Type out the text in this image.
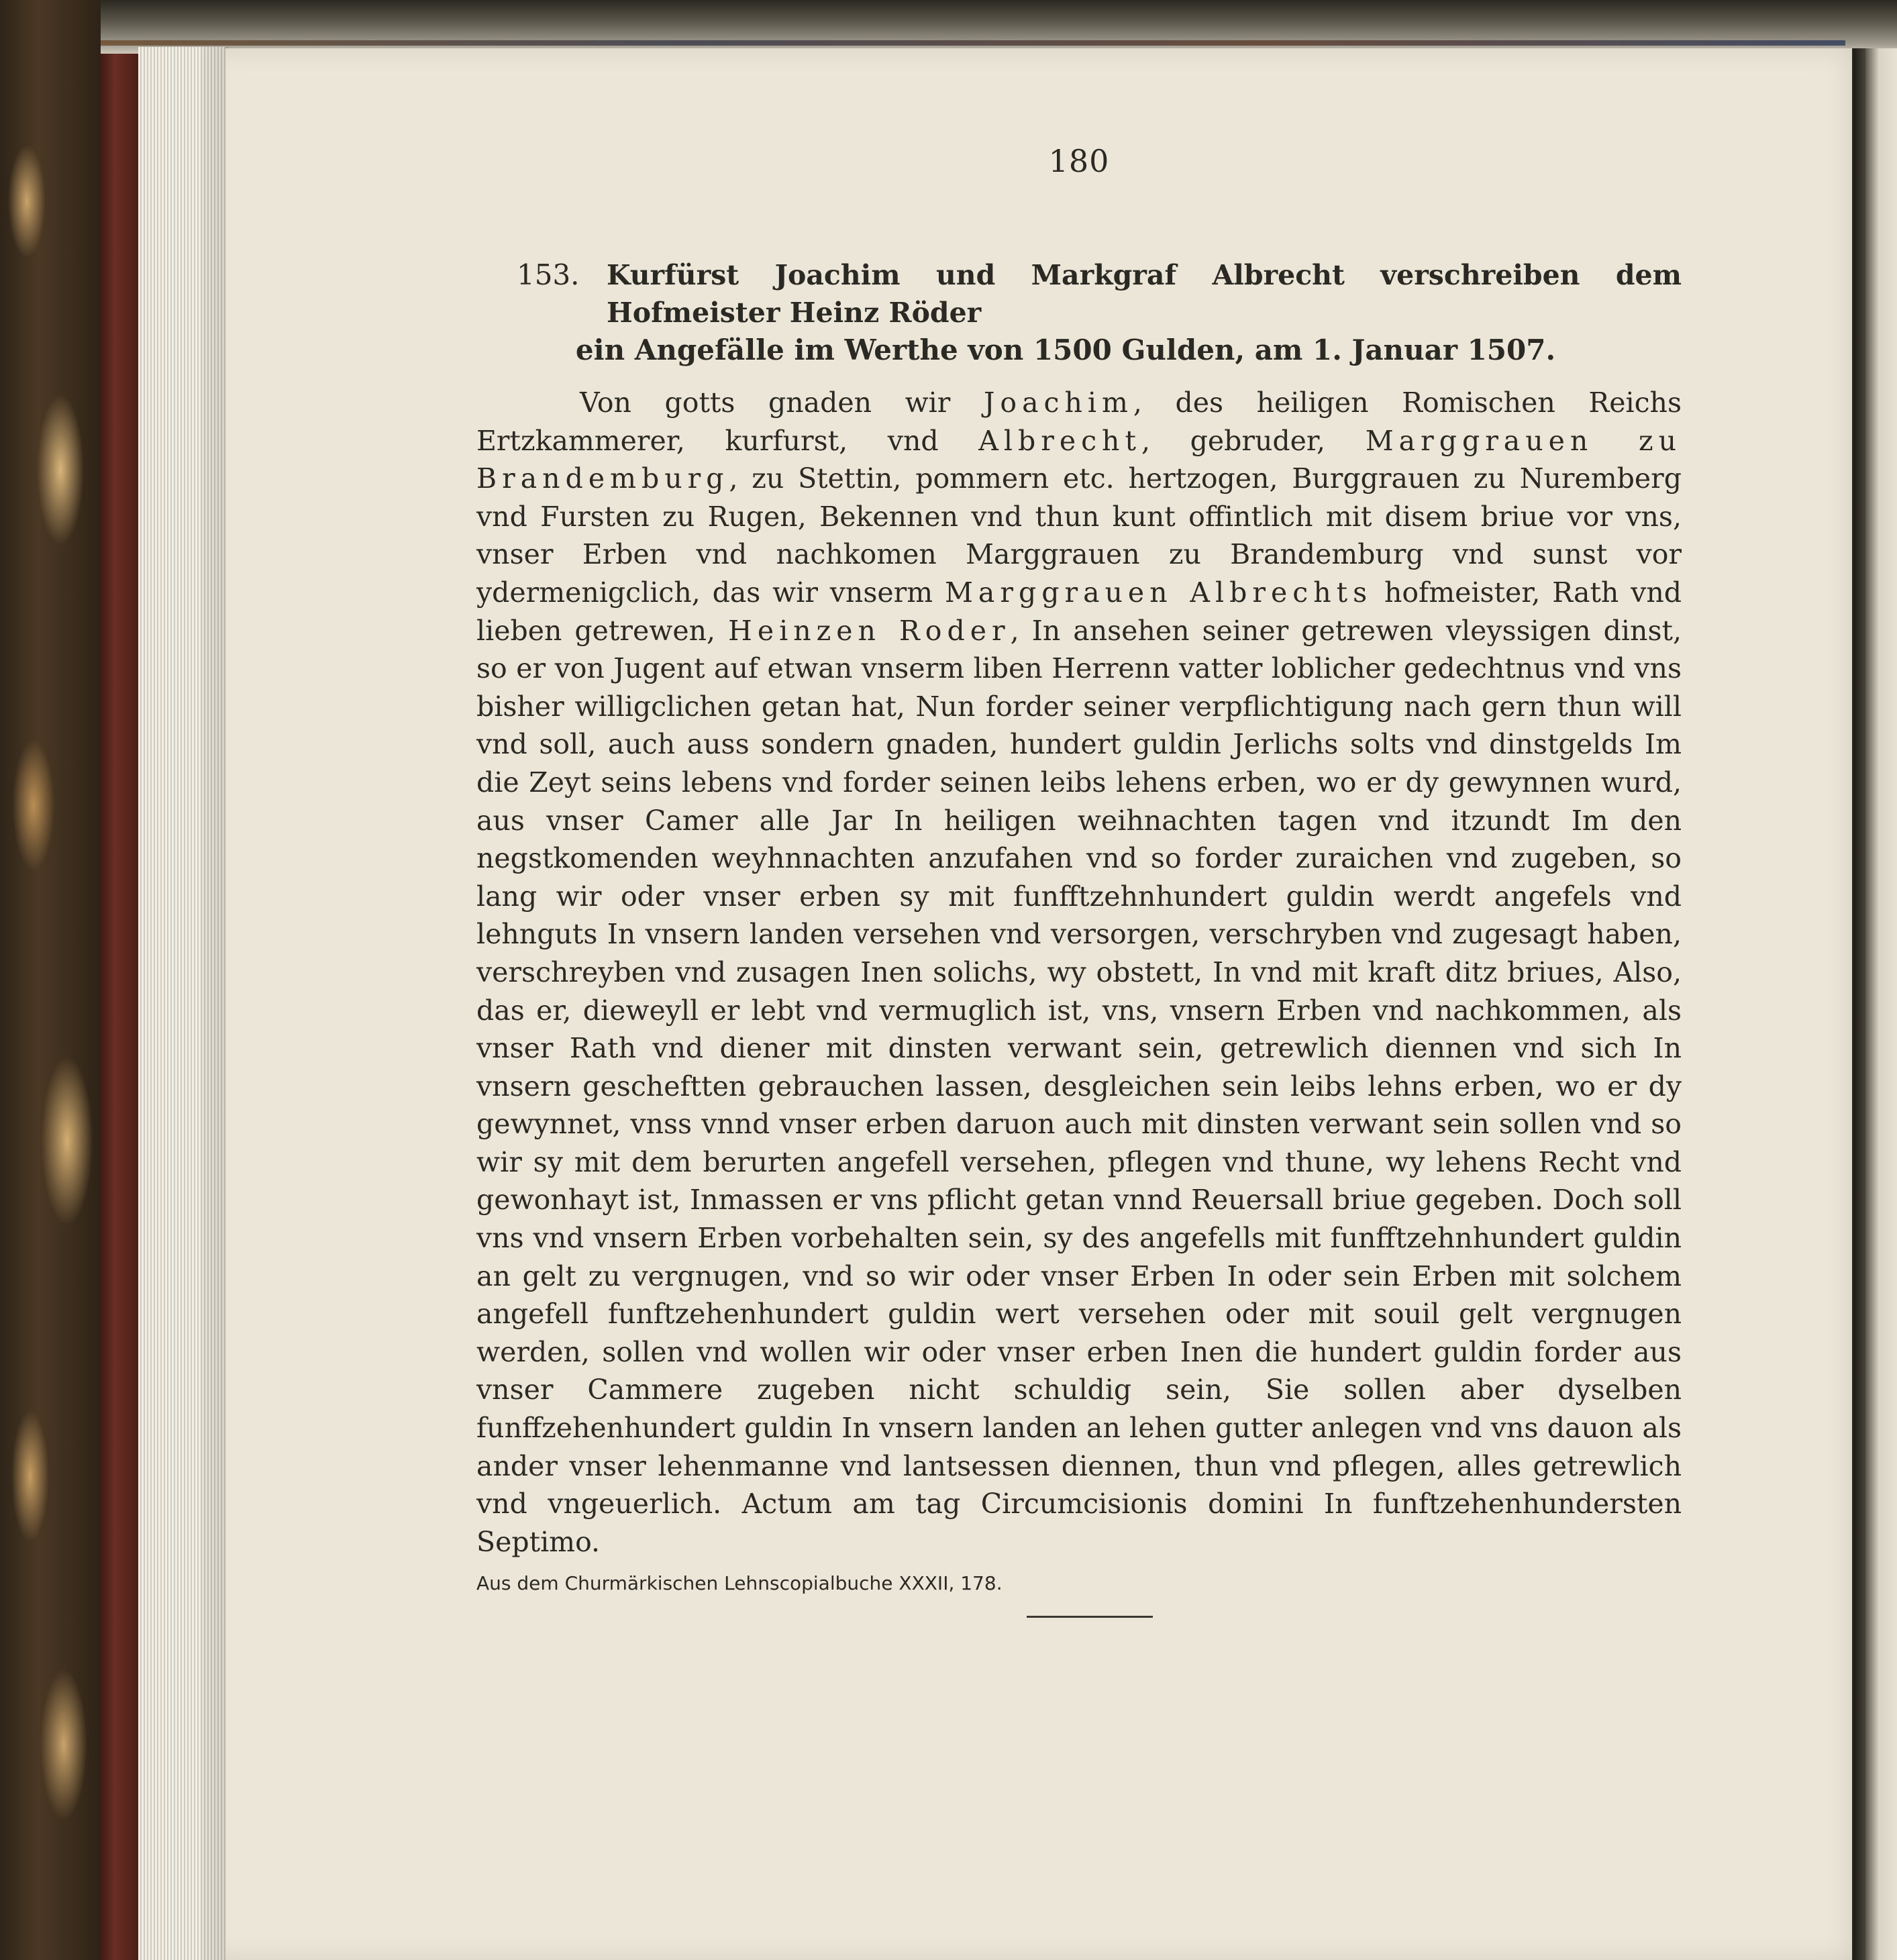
180
153. Kurfürst Joachim und Markgraf Albrecht verschreiben dem Hofmeister Heinz Röder
ein Angefälle im Werthe von 1500 Gulden, am 1. Januar 1507.

Von gotts gnaden wir Joachim, des heiligen Romischen Reichs Ertzkammerer, kurfurst, vnd Albrecht, gebruder, Marggrauen zu Brandemburg, zu Stettin, pommern etc. hertzogen, Burggrauen zu Nuremberg vnd Fursten zu Rugen, Bekennen vnd thun kunt offintlich mit disem briue vor vns, vnser Erben vnd nachkomen Marggrauen zu Brandemburg vnd sunst vor ydermenigclich, das wir vnserm Marggrauen Albrechts hofmeister, Rath vnd lieben getrewen, Heinzen Roder, In ansehen seiner getrewen vleyssigen dinst, so er von Jugent auf etwan vnserm liben Herrenn vatter loblicher gedechtnus vnd vns bisher willigclichen getan hat, Nun forder seiner verpflichtigung nach gern thun will vnd soll, auch auss sondern gnaden, hundert guldin Jerlichs solts vnd dinstgelds Im die Zeyt seins lebens vnd forder seinen leibs lehens erben, wo er dy gewynnen wurd, aus vnser Camer alle Jar In heiligen weihnachten tagen vnd itzundt Im den negstkomenden weyhnnachten anzufahen vnd so forder zuraichen vnd zugeben, so lang wir oder vnser erben sy mit funfftzehnhundert guldin werdt angefels vnd lehnguts In vnsern landen versehen vnd versorgen, verschryben vnd zugesagt haben, verschreyben vnd zusagen Inen solichs, wy obstett, In vnd mit kraft ditz briues, Also, das er, dieweyll er lebt vnd vermuglich ist, vns, vnsern Erben vnd nachkommen, als vnser Rath vnd diener mit dinsten verwant sein, getrewlich diennen vnd sich In vnsern gescheftten gebrauchen lassen, desgleichen sein leibs lehns erben, wo er dy gewynnet, vnss vnnd vnser erben daruon auch mit dinsten verwant sein sollen vnd so wir sy mit dem berurten angefell versehen, pflegen vnd thune, wy lehens Recht vnd gewonhayt ist, Inmassen er vns pflicht getan vnnd Reuersall briue gegeben. Doch soll vns vnd vnsern Erben vorbehalten sein, sy des angefells mit funfftzehnhundert guldin an gelt zu vergnugen, vnd so wir oder vnser Erben In oder sein Erben mit solchem angefell funftzehenhundert guldin wert versehen oder mit souil gelt vergnugen werden, sollen vnd wollen wir oder vnser erben Inen die hundert guldin forder aus vnser Cammere zugeben nicht schuldig sein, Sie sollen aber dyselben funffzehenhundert guldin In vnsern landen an lehen gutter anlegen vnd vns dauon als ander vnser lehenmanne vnd lantsessen diennen, thun vnd pflegen, alles getrewlich vnd vngeuerlich. Actum am tag Circumcisionis domini In funftzehenhundersten Septimo.

Aus dem Churmärkischen Lehnscopialbuche XXXII, 178.
